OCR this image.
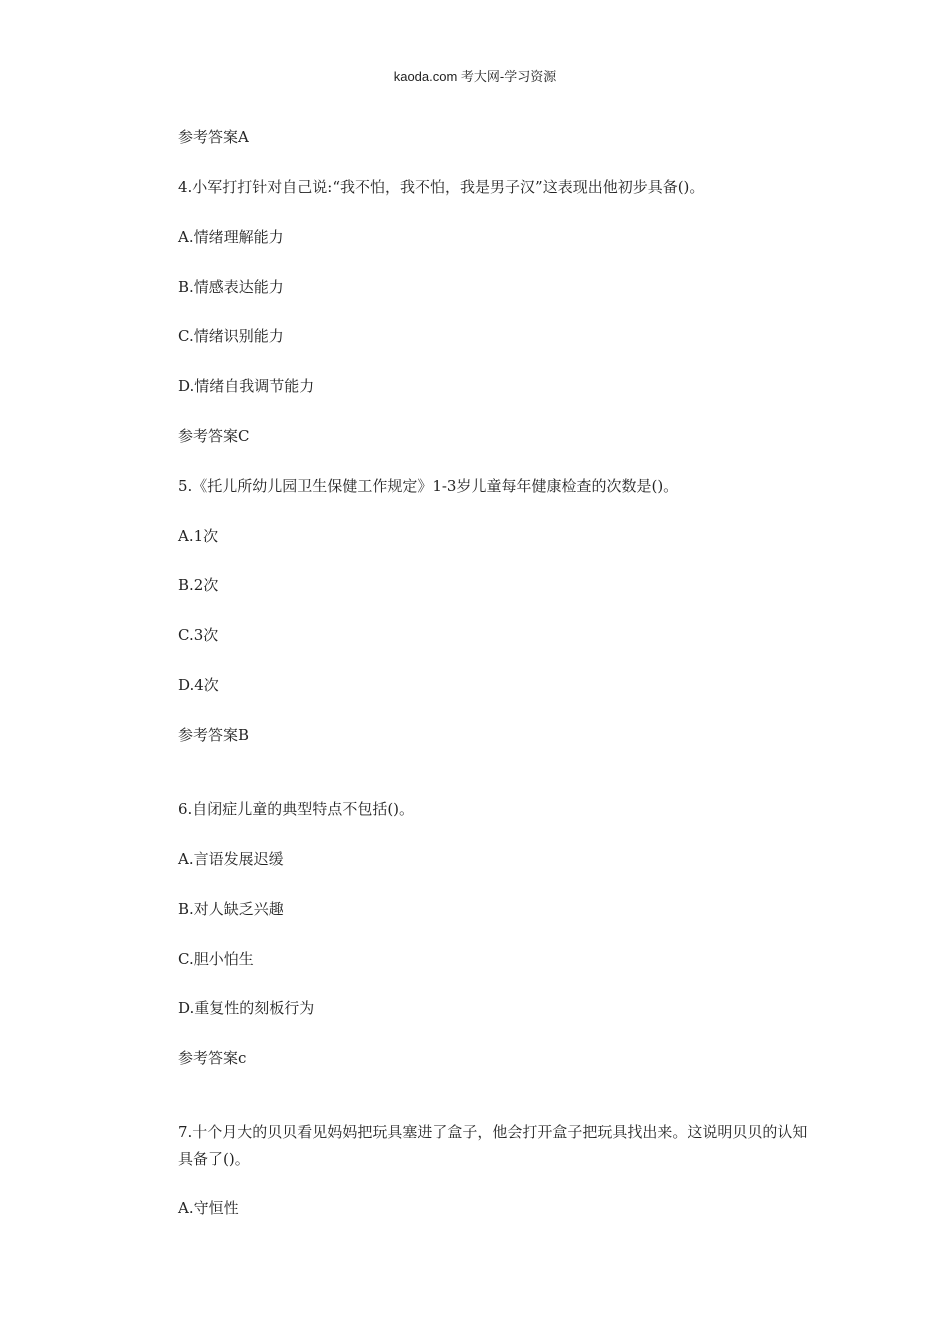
kaoda.com 考大网-学习资源
参考答案A
4.小军打打针对自己说:“我不怕，我不怕，我是男子汉”这表现出他初步具备()。
A.情绪理解能力
B.情感表达能力
C.情绪识别能力
D.情绪自我调节能力
参考答案C
5.《托儿所幼儿园卫生保健工作规定》1-3岁儿童每年健康检查的次数是()。
A.1次
B.2次
C.3次
D.4次
参考答案B
6.自闭症儿童的典型特点不包括()。
A.言语发展迟缓
B.对人缺乏兴趣
C.胆小怕生
D.重复性的刻板行为
参考答案c
7.十个月大的贝贝看见妈妈把玩具塞进了盒子，他会打开盒子把玩具找出来。这说明贝贝的认知具备了()。
A.守恒性
